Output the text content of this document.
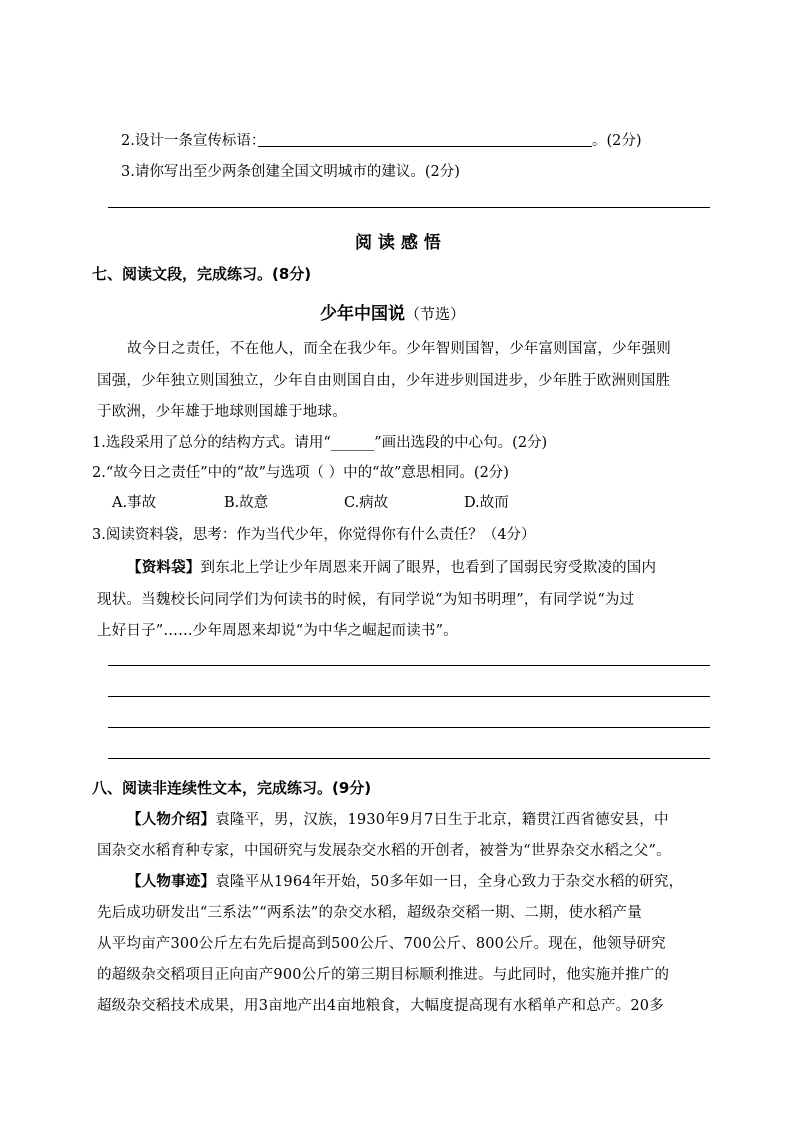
2.设计一条宣传标语：	。(2分)
3.请你写出至少两条创建全国文明城市的建议。(2分)
阅 读 感 悟
七、阅读文段，完成练习。(8分)
少年中国说（节选）
故今日之责任，不在他人，而全在我少年。少年智则国智，少年富则国富，少年强则
国强，少年独立则国独立，少年自由则国自由，少年进步则国进步，少年胜于欧洲则国胜
于欧洲，少年雄于地球则国雄于地球。
1.选段采用了总分的结构方式。请用“______”画出选段的中心句。(2分)
2.“故今日之责任”中的“故”与选项（ ）中的“故”意思相同。(2分)
A.事故	B.故意	C.病故	D.故而
3.阅读资料袋，思考：作为当代少年，你觉得你有什么责任？（4分）
【资料袋】到东北上学让少年周恩来开阔了眼界，也看到了国弱民穷受欺凌的国内
现状。当魏校长问同学们为何读书的时候，有同学说“为知书明理”，有同学说“为过
上好日子”……少年周恩来却说“为中华之崛起而读书”。
八、阅读非连续性文本，完成练习。(9分)
【人物介绍】袁隆平，男，汉族，1930年9月7日生于北京，籍贯江西省德安县，中
国杂交水稻育种专家，中国研究与发展杂交水稻的开创者，被誉为“世界杂交水稻之父”。
【人物事迹】袁隆平从1964年开始，50多年如一日，全身心致力于杂交水稻的研究，
先后成功研发出“三系法”“两系法”的杂交水稻，超级杂交稻一期、二期，使水稻产量
从平均亩产300公斤左右先后提高到500公斤、700公斤、800公斤。现在，他领导研究
的超级杂交稻项目正向亩产900公斤的第三期目标顺利推进。与此同时，他实施并推广的
超级杂交稻技术成果，用3亩地产出4亩地粮食，大幅度提高现有水稻单产和总产。20多
